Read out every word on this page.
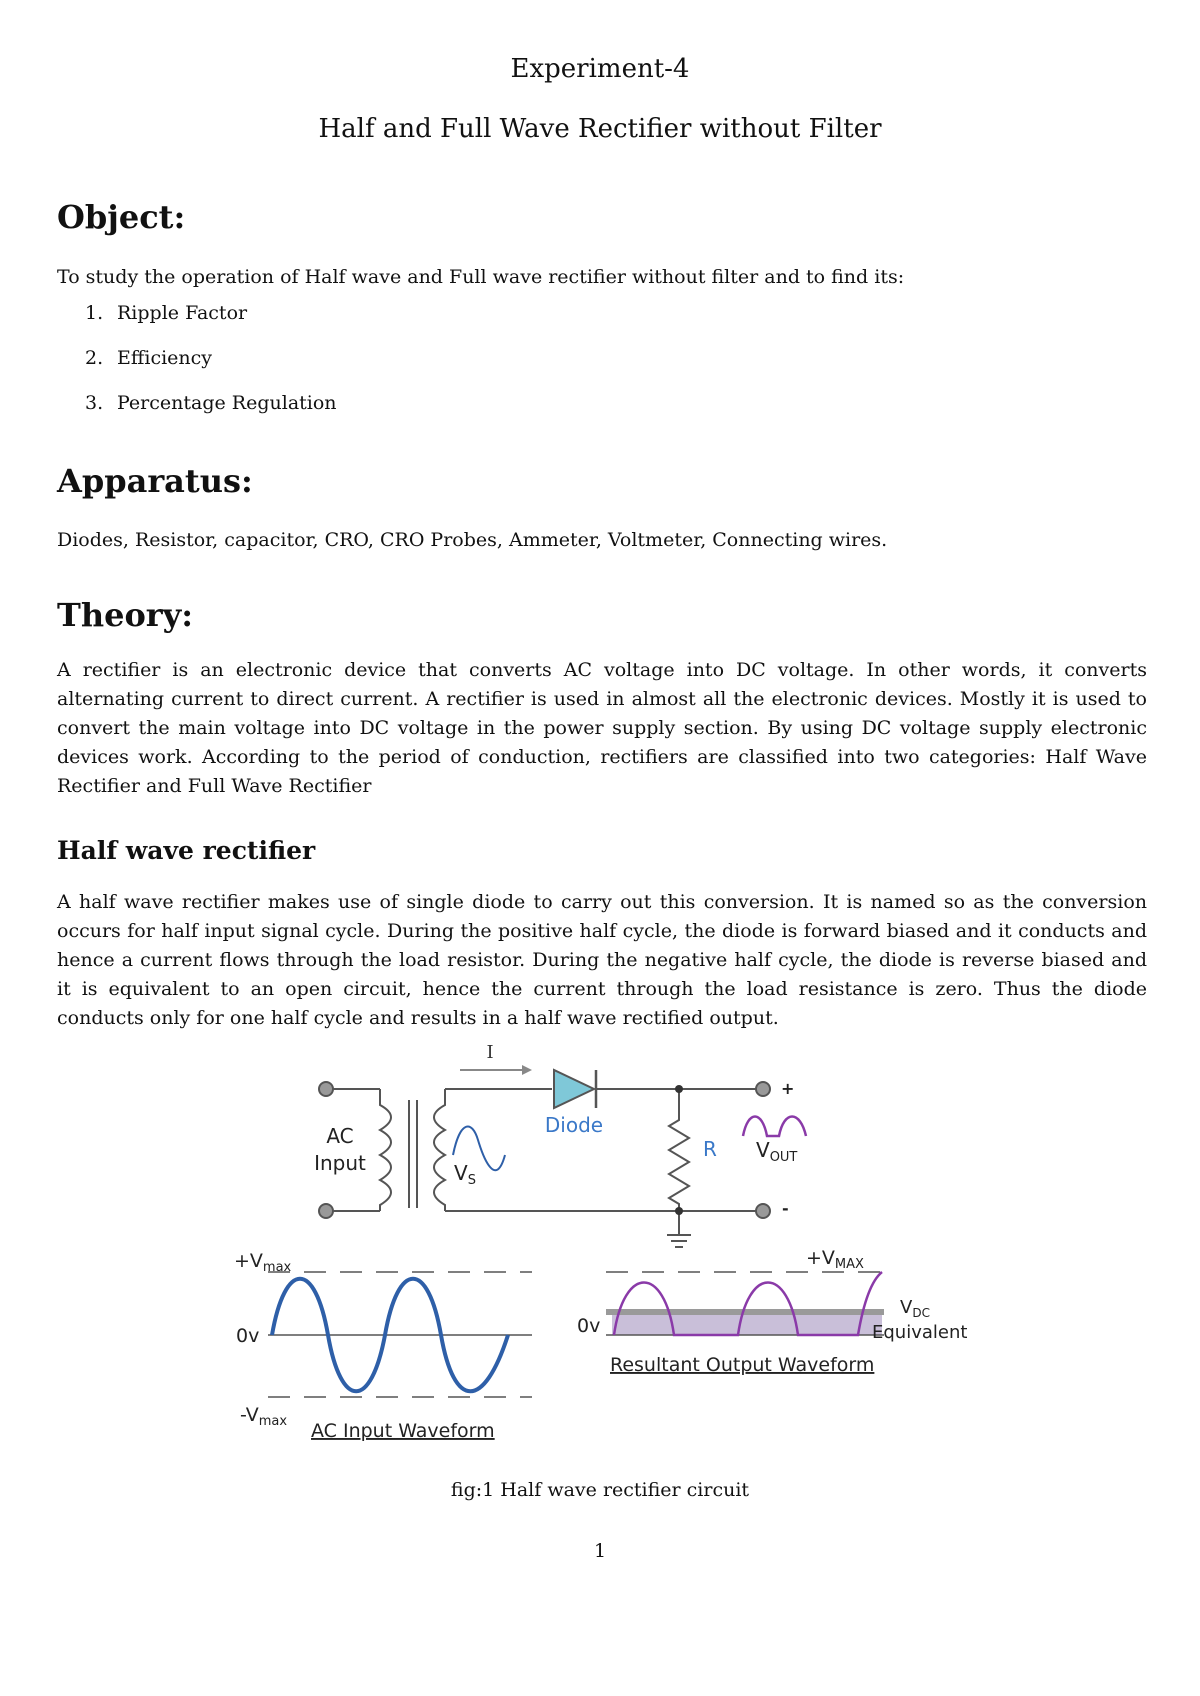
Experiment-4
Half and Full Wave Rectifier without Filter
Object:
To study the operation of Half wave and Full wave rectifier without filter and to find its:
1. Ripple Factor
2. Efficiency
3. Percentage Regulation
Apparatus:
Diodes, Resistor, capacitor, CRO, CRO Probes, Ammeter, Voltmeter, Connecting wires.
Theory:
A rectifier is an electronic device that converts AC voltage into DC voltage. In other words, it converts alternating current to direct current. A rectifier is used in almost all the electronic devices. Mostly it is used to convert the main voltage into DC voltage in the power supply section. By using DC voltage supply electronic devices work. According to the period of conduction, rectifiers are classified into two categories: Half Wave Rectifier and Full Wave Rectifier
Half wave rectifier
A half wave rectifier makes use of single diode to carry out this conversion. It is named so as the conversion occurs for half input signal cycle. During the positive half cycle, the diode is forward biased and it conducts and hence a current flows through the load resistor. During the negative half cycle, the diode is reverse biased and it is equivalent to an open circuit, hence the current through the load resistance is zero. Thus the diode conducts only for one half cycle and results in a half wave rectified output.
I
Diode
AC
Input	$V_S$
R $V_{OUT}$
+
-
$+V_{max}$
0v
$-V_{max}$ AC Input Waveform
$+V_{MAX}$
0v
$V_{DC}$
Equivalent
Resultant Output Waveform
fig:1 Half wave rectifier circuit
1
